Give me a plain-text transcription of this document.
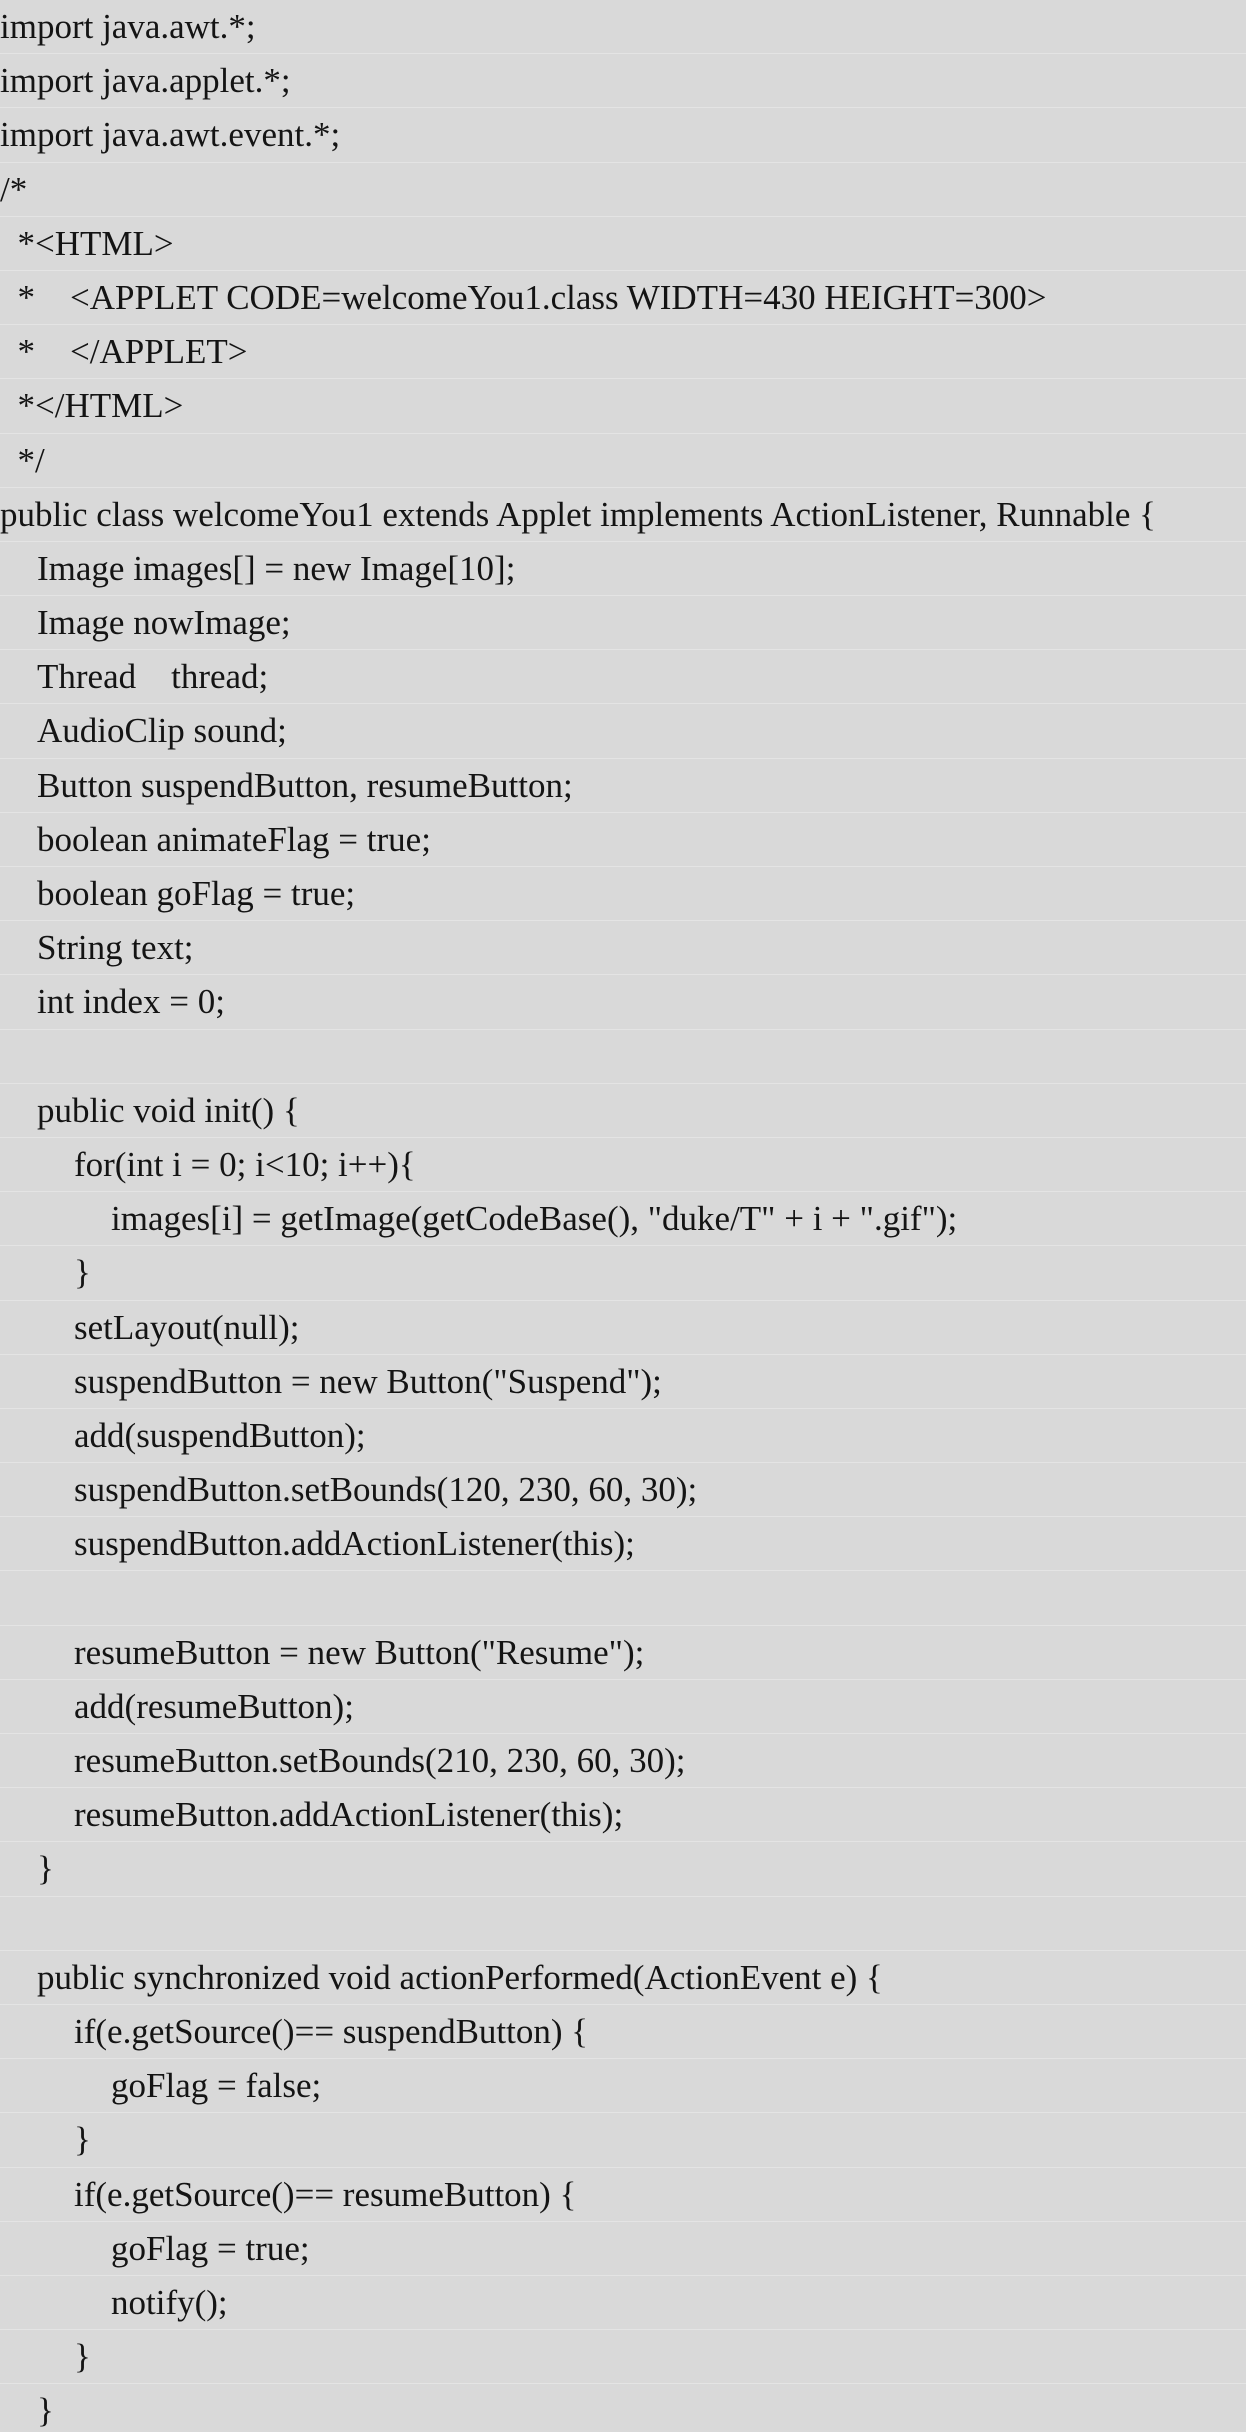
import java.awt.*;
import java.applet.*;
import java.awt.event.*;
/*
*<HTML>
*    <APPLET CODE=welcomeYou1.class WIDTH=430 HEIGHT=300>
*    </APPLET>
*</HTML>
*/
public class welcomeYou1 extends Applet implements ActionListener, Runnable {
Image images[] = new Image[10];
Image nowImage;
Thread    thread;
AudioClip sound;
Button suspendButton, resumeButton;
boolean animateFlag = true;
boolean goFlag = true;
String text;
int index = 0;
public void init() {
for(int i = 0; i<10; i++){
images[i] = getImage(getCodeBase(), "duke/T" + i + ".gif");
}
setLayout(null);
suspendButton = new Button("Suspend");
add(suspendButton);
suspendButton.setBounds(120, 230, 60, 30);
suspendButton.addActionListener(this);
resumeButton = new Button("Resume");
add(resumeButton);
resumeButton.setBounds(210, 230, 60, 30);
resumeButton.addActionListener(this);
}
public synchronized void actionPerformed(ActionEvent e) {
if(e.getSource()== suspendButton) {
goFlag = false;
}
if(e.getSource()== resumeButton) {
goFlag = true;
notify();
}
}
